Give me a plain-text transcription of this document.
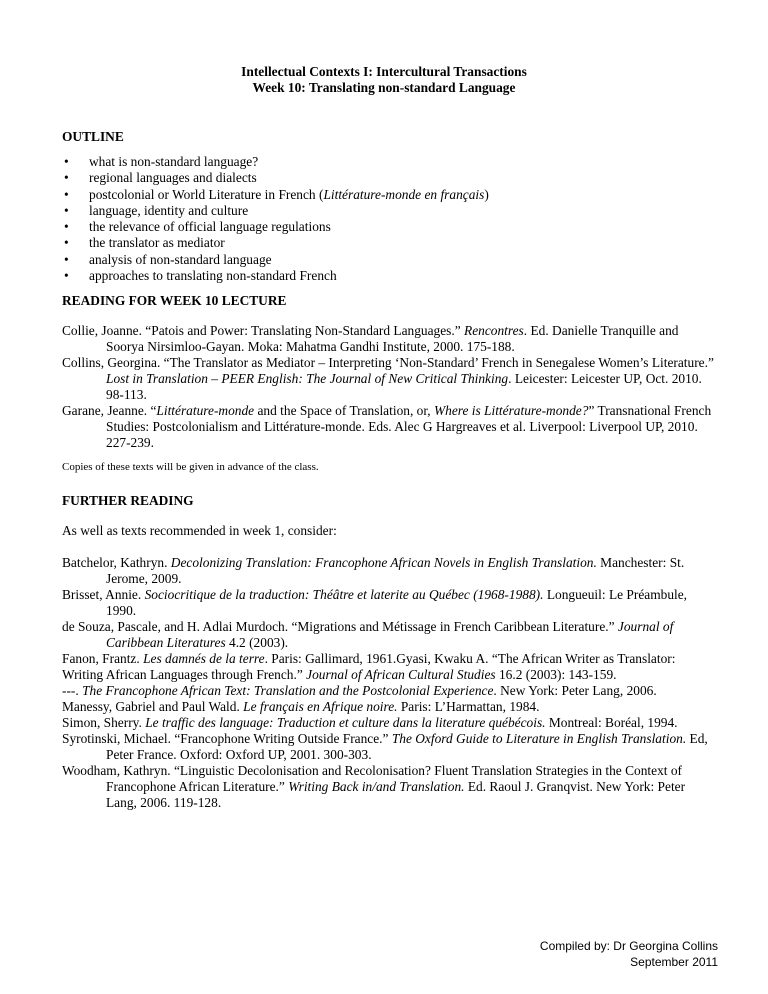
Intellectual Contexts I: Intercultural Transactions
Week 10: Translating non-standard Language
OUTLINE
• what is non-standard language?
• regional languages and dialects
• postcolonial or World Literature in French (Littérature-monde en français)
• language, identity and culture
• the relevance of official language regulations
• the translator as mediator
• analysis of non-standard language
• approaches to translating non-standard French
READING FOR WEEK 10 LECTURE

Collie, Joanne. “Patois and Power: Translating Non-Standard Languages.” Rencontres. Ed. Danielle Tranquille and Soorya Nirsimloo-Gayan. Moka: Mahatma Gandhi Institute, 2000. 175-188.

Collins, Georgina. “The Translator as Mediator – Interpreting ‘Non-Standard’ French in Senegalese Women’s Literature.” Lost in Translation – PEER English: The Journal of New Critical Thinking. Leicester: Leicester UP, Oct. 2010. 98-113.

Garane, Jeanne. “Littérature-monde and the Space of Translation, or, Where is Littérature-monde?” Transnational French Studies: Postcolonialism and Littérature-monde. Eds. Alec G Hargreaves et al. Liverpool: Liverpool UP, 2010. 227-239.

Copies of these texts will be given in advance of the class.
FURTHER READING
As well as texts recommended in week 1, consider:

Batchelor, Kathryn. Decolonizing Translation: Francophone African Novels in English Translation. Manchester: St. Jerome, 2009.

Brisset, Annie. Sociocritique de la traduction: Théâtre et laterite au Québec (1968-1988). Longueuil: Le Préambule, 1990.

de Souza, Pascale, and H. Adlai Murdoch. “Migrations and Métissage in French Caribbean Literature.” Journal of Caribbean Literatures 4.2 (2003).

Fanon, Frantz. Les damnés de la terre. Paris: Gallimard, 1961.Gyasi, Kwaku A. “The African Writer as Translator: Writing African Languages through French.” Journal of African Cultural Studies 16.2 (2003): 143-159.

---. The Francophone African Text: Translation and the Postcolonial Experience. New York: Peter Lang, 2006.

Manessy, Gabriel and Paul Wald. Le français en Afrique noire. Paris: L’Harmattan, 1984.

Simon, Sherry. Le traffic des language: Traduction et culture dans la literature québécois. Montreal: Boréal, 1994.

Syrotinski, Michael. “Francophone Writing Outside France.” The Oxford Guide to Literature in English Translation. Ed, Peter France. Oxford: Oxford UP, 2001. 300-303.

Woodham, Kathryn. “Linguistic Decolonisation and Recolonisation? Fluent Translation Strategies in the Context of Francophone African Literature.” Writing Back in/and Translation. Ed. Raoul J. Granqvist. New York: Peter Lang, 2006. 119-128.

Compiled by: Dr Georgina Collins
September 2011
